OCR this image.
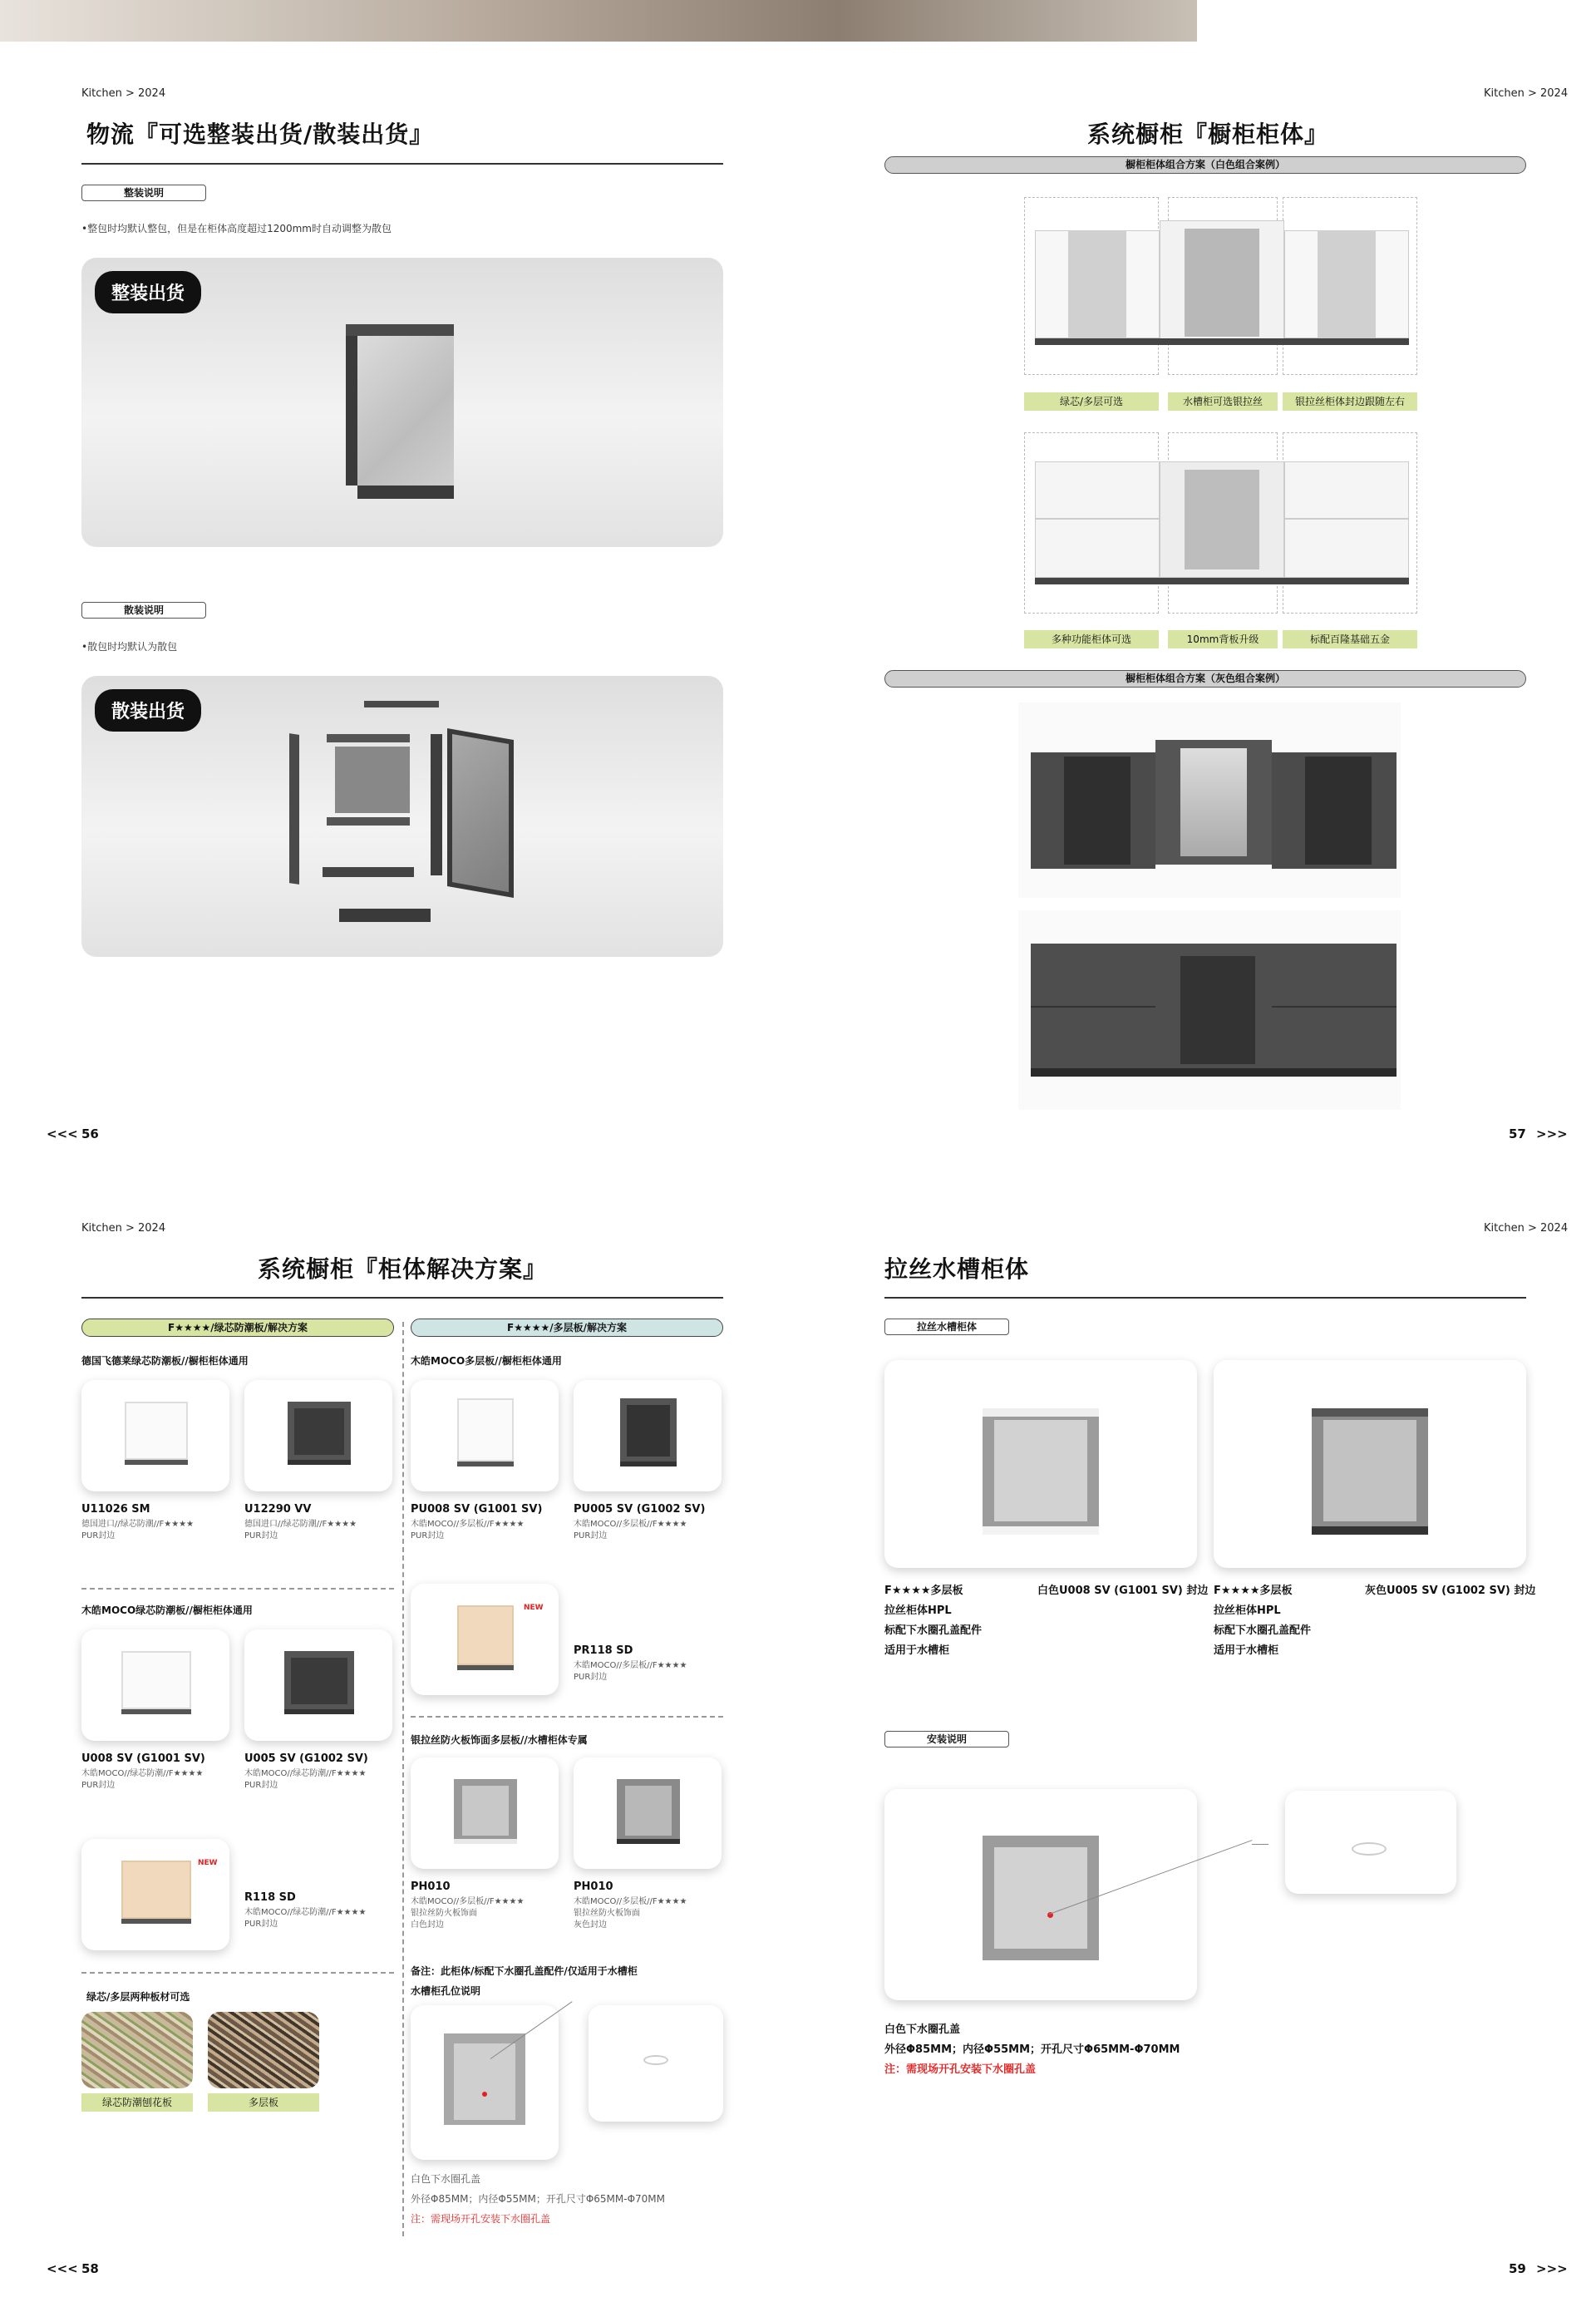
Kitchen > 2024
物流『可选整装出货/散装出货』
整装说明
•整包时均默认整包，但是在柜体高度超过1200mm时自动调整为散包
整装出货
散装说明
•散包时均默认为散包
散装出货
<<< 56
Kitchen > 2024
系统橱柜『橱柜柜体』
橱柜柜体组合方案（白色组合案例）
绿芯/多层可选	水槽柜可选银拉丝	银拉丝柜体封边跟随左右
多种功能柜体可选	10mm背板升级	标配百隆基础五金
橱柜柜体组合方案（灰色组合案例）
57 >>>
Kitchen > 2024
系统橱柜『柜体解决方案』
F★★★★/绿芯防潮板/解决方案	F★★★★/多层板/解决方案
德国飞德莱绿芯防潮板//橱柜柜体通用
U11026 SM
德国进口//绿芯防潮//F★★★★
PUR封边
U12290 VV
德国进口//绿芯防潮//F★★★★
PUR封边
木皓MOCO绿芯防潮板//橱柜柜体通用
U008 SV (G1001 SV)
木皓MOCO//绿芯防潮//F★★★★
PUR封边
U005 SV (G1002 SV)
木皓MOCO//绿芯防潮//F★★★★
PUR封边
NEW
R118 SD
木皓MOCO//绿芯防潮//F★★★★
PUR封边
绿芯/多层两种板材可选
绿芯防潮刨花板	多层板
木皓MOCO多层板//橱柜柜体通用
PU008 SV (G1001 SV)
木皓MOCO//多层板//F★★★★
PUR封边
PU005 SV (G1002 SV)
木皓MOCO//多层板//F★★★★
PUR封边
NEW
PR118 SD
木皓MOCO//多层板//F★★★★
PUR封边
银拉丝防火板饰面多层板//水槽柜体专属
PH010
木皓MOCO//多层板//F★★★★
银拉丝防火板饰面
白色封边
PH010
木皓MOCO//多层板//F★★★★
银拉丝防火板饰面
灰色封边
备注：此柜体/标配下水圈孔盖配件/仅适用于水槽柜
水槽柜孔位说明
白色下水圈孔盖
外径Φ85MM；内径Φ55MM；开孔尺寸Φ65MM-Φ70MM
注：需现场开孔安装下水圈孔盖
<<< 58
Kitchen > 2024
拉丝水槽柜体
拉丝水槽柜体
F★★★★多层板
拉丝柜体HPL
标配下水圈孔盖配件
适用于水槽柜
白色U008 SV (G1001 SV) 封边 F★★★★多层板
拉丝柜体HPL
标配下水圈孔盖配件
适用于水槽柜
灰色U005 SV (G1002 SV) 封边
安装说明
白色下水圈孔盖
外径Φ85MM；内径Φ55MM；开孔尺寸Φ65MM-Φ70MM
注：需现场开孔安装下水圈孔盖
59 >>>
